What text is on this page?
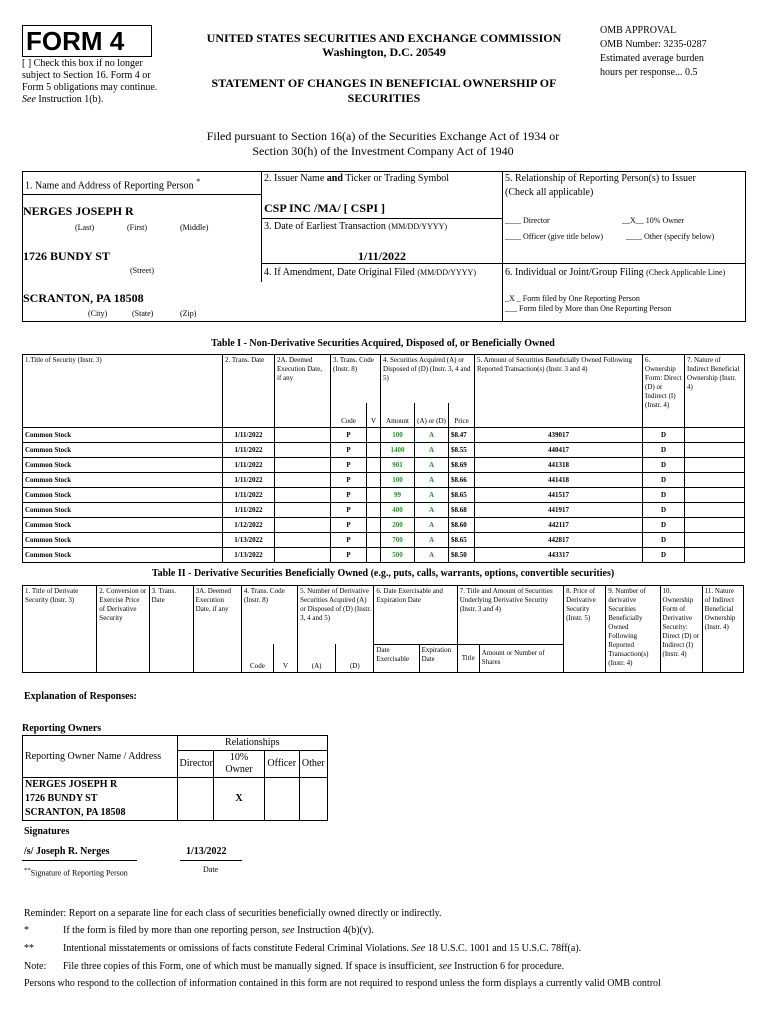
FORM 4
[ ] Check this box if no longer subject to Section 16. Form 4 or Form 5 obligations may continue. See Instruction 1(b).
UNITED STATES SECURITIES AND EXCHANGE COMMISSION
Washington, D.C. 20549
STATEMENT OF CHANGES IN BENEFICIAL OWNERSHIP OF
SECURITIES
OMB APPROVAL
OMB Number: 3235-0287
Estimated average burden
hours per response... 0.5
Filed pursuant to Section 16(a) of the Securities Exchange Act of 1934 or
Section 30(h) of the Investment Company Act of 1940
1. Name and Address of Reporting Person *
NERGES JOSEPH R
(Last)	(First)	(Middle)
1726 BUNDY ST
(Street)
SCRANTON, PA 18508
(City)	(State)	(Zip)
2. Issuer Name and Ticker or Trading Symbol
CSP INC /MA/ [ CSPI ]
3. Date of Earliest Transaction (MM/DD/YYYY)
1/11/2022
4. If Amendment, Date Original Filed (MM/DD/YYYY)
5. Relationship of Reporting Person(s) to Issuer
(Check all applicable)
____ Director	__X__ 10% Owner
____ Officer (give title below)	____ Other (specify below)
6. Individual or Joint/Group Filing (Check Applicable Line)
_X _ Form filed by One Reporting Person
___ Form filed by More than One Reporting Person
Table I - Non-Derivative Securities Acquired, Disposed of, or Beneficially Owned
1.Title of Security (Instr. 3)	2. Trans. Date	2A. Deemed Execution Date, if any	3. Trans. Code (Instr. 8)		4. Securities Acquired (A) or Disposed of (D) (Instr. 3, 4 and 5)			5. Amount of Securities Beneficially Owned Following Reported Transaction(s) (Instr. 3 and 4)	6. Ownership Form: Direct (D) or Indirect (I) (Instr. 4)	7. Nature of Indirect Beneficial Ownership (Instr. 4)
			Code	V	Amount	(A) or (D)	Price			
Common Stock	1/11/2022		P		100	A	$8.47	439017	D	
Common Stock	1/11/2022		P		1400	A	$8.55	440417	D	
Common Stock	1/11/2022		P		901	A	$8.69	441318	D	
Common Stock	1/11/2022		P		100	A	$8.66	441418	D	
Common Stock	1/11/2022		P		99	A	$8.65	441517	D	
Common Stock	1/11/2022		P		400	A	$8.68	441917	D	
Common Stock	1/12/2022		P		200	A	$8.60	442117	D	
Common Stock	1/13/2022		P		700	A	$8.65	442817	D	
Common Stock	1/13/2022		P		500	A	$8.50	443317	D	
Table II - Derivative Securities Beneficially Owned (e.g., puts, calls, warrants, options, convertible securities)
1. Title of Derivate Security (Instr. 3)	2. Conversion or Exercise Price of Derivative Security	3. Trans. Date	3A. Deemed Execution Date, if any	4. Trans. Code (Instr. 8)		5. Number of Derivative Securities Acquired (A) or Disposed of (D) (Instr. 3, 4 and 5)		6. Date Exercisable and Expiration Date		7. Title and Amount of Securities Underlying Derivative Security (Instr. 3 and 4)		8. Price of Derivative Security (Instr. 5)	9. Number of derivative Securities Beneficially Owned Following Reported Transaction(s) (Instr. 4)	10. Ownership Form of Derivative Security: Direct (D) or Indirect (I) (Instr. 4)	11. Nature of Indirect Beneficial Ownership (Instr. 4)
				Code	V	(A)	(D)	Date Exercisable	Expiration Date	Title	Amount or Number of Shares				
Explanation of Responses:
Reporting Owners
Reporting Owner Name / Address	Relationships			
	Director	10% Owner	Officer	Other

NERGES JOSEPH R
1726 BUNDY ST
SCRANTON, PA 18508		X		
Signatures
/s/ Joseph R. Nerges	1/13/2022
**Signature of Reporting Person	Date
Reminder: Report on a separate line for each class of securities beneficially owned directly or indirectly.
*	If the form is filed by more than one reporting person, see Instruction 4(b)(v).
**	Intentional misstatements or omissions of facts constitute Federal Criminal Violations. See 18 U.S.C. 1001 and 15 U.S.C. 78ff(a).
Note: File three copies of this Form, one of which must be manually signed. If space is insufficient, see Instruction 6 for procedure.
Persons who respond to the collection of information contained in this form are not required to respond unless the form displays a currently valid OMB control
